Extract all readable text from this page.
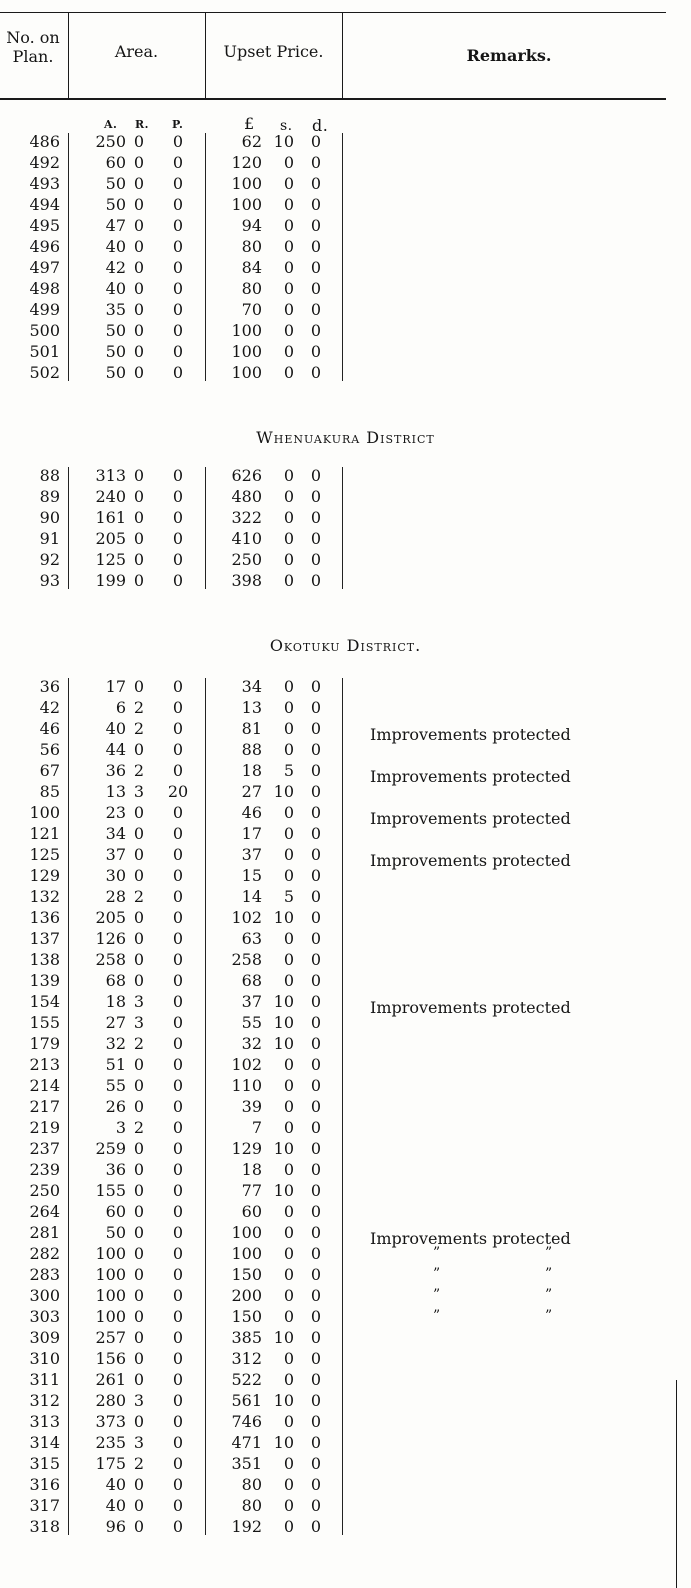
No. on Plan.	Area.	Upset Price.	Remarks.
A. R. P.	£ s. d.
486	250 0	0	62 10 0
492	60 0	0	120	0 0
493	50 0	0	100	0 0
494	50 0	0	100	0 0
495	47 0	0	94	0 0
496	40 0	0	80	0 0
497	42 0	0	84	0 0
498	40 0	0	80	0 0
499	35 0	0	70	0 0
500	50 0	0	100	0 0
501	50 0	0	100	0 0
502	50 0	0	100	0 0
Whenuakura District
88	313 0	0	626	0 0
89	240 0	0	480	0 0
90	161 0	0	322	0 0
91	205 0	0	410	0 0
92	125 0	0	250	0 0
93	199 0	0	398	0 0
Okotuku District.
36	17 0	0	34	0 0
42	6 2	0	13	0 0
46	40 2	0	81	0 0	Improvements protected
56	44 0	0	88	0 0
67	36 2	0	18	5 0	Improvements protected
85	13 3 20	27 10 0
100	23 0	0	46	0 0	Improvements protected
121	34 0	0	17	0 0
125	37 0	0	37	0 0	Improvements protected
129	30 0	0	15	0 0
132	28 2	0	14	5 0
136	205 0	0	102 10 0
137	126 0	0	63	0 0
138	258 0	0	258	0 0
139	68 0	0	68	0 0
154	18 3	0	37 10 0	Improvements protected
155	27 3	0	55 10 0
179	32 2	0	32 10 0
213	51 0	0	102	0 0
214	55 0	0	110	0 0
217	26 0	0	39	0 0
219	3 2	0	7	0 0
237	259 0	0	129 10 0
239	36 0	0	18	0 0
250	155 0	0	77 10 0
264	60 0	0	60	0 0
281	50 0	0	100	0 0	Improvements protected
282	100 0	0	100	0 0	”	”
283	100 0	0	150	0 0	”	”
300	100 0	0	200	0 0	”	”
303	100 0	0	150	0 0	”	”
309	257 0	0	385 10 0
310	156 0	0	312	0 0
311	261 0	0	522	0 0
312	280 3	0	561 10 0
313	373 0	0	746	0 0
314	235 3	0	471 10 0
315	175 2	0	351	0 0
316	40 0	0	80	0 0
317	40 0	0	80	0 0
318	96 0	0	192	0 0
